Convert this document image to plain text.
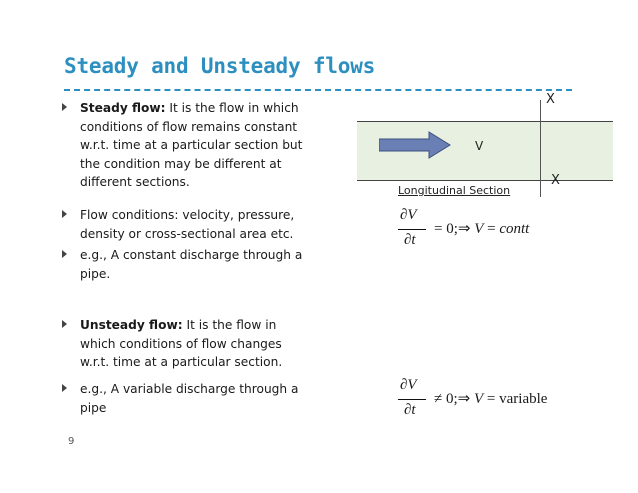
Steady and Unsteady flows
Steady flow: It is the flow in which conditions of flow remains constant w.r.t. time at a particular section but the condition may be different at different sections.
Flow conditions: velocity, pressure, density or cross-sectional area etc.
e.g., A constant discharge through a pipe.
Unsteady flow: It is the flow in which conditions of flow changes w.r.t. time at a particular section.
e.g., A variable discharge through a pipe
X
X
V
Longitudinal Section
∂V
∂t
= 0;⇒ V = contt
∂V
∂t
≠ 0;⇒ V = variable
9
